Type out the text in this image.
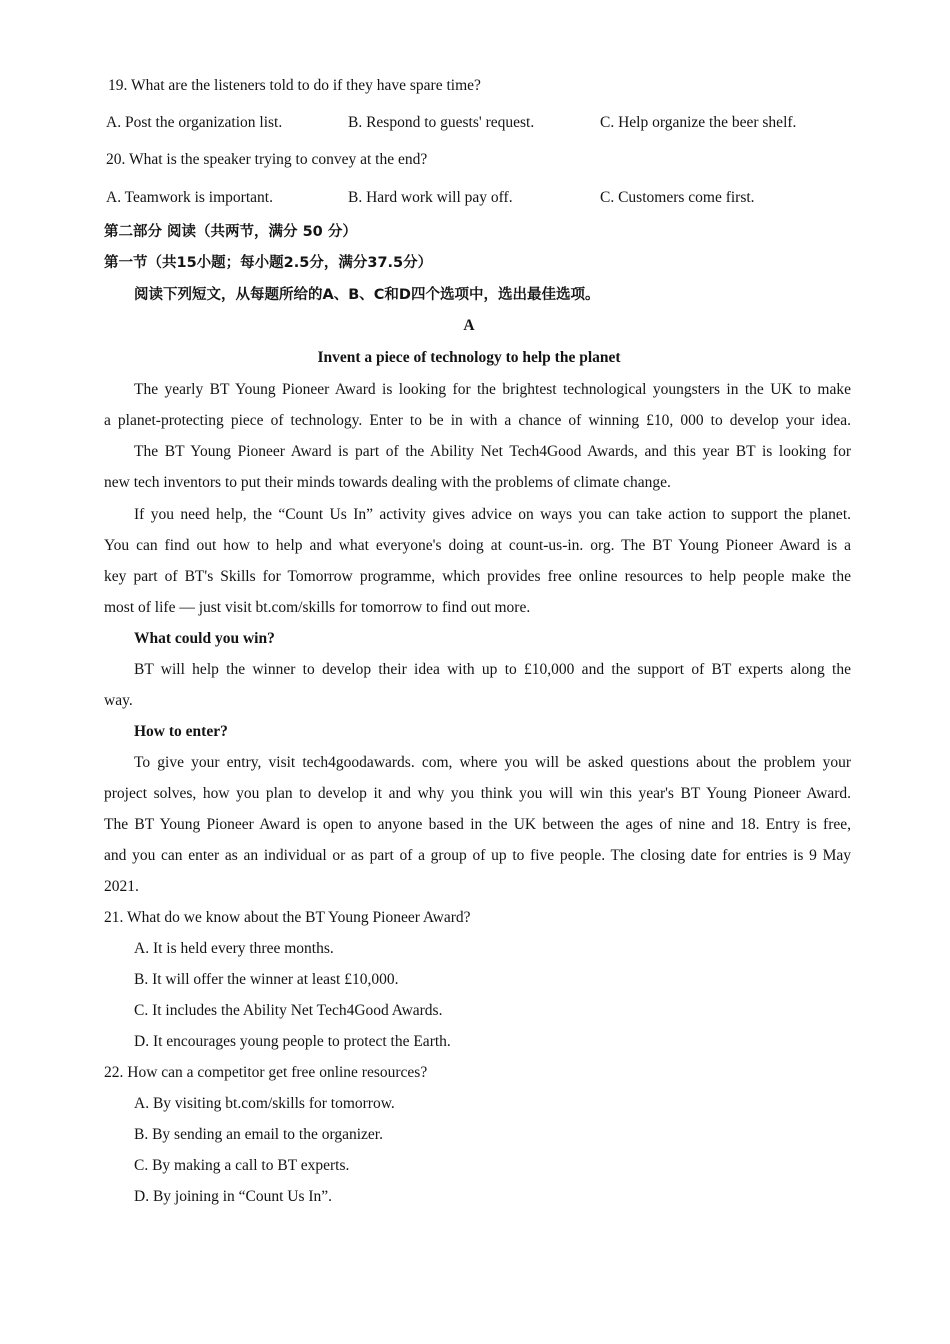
19. What are the listeners told to do if they have spare time?
A. Post the organization list.	B. Respond to guests' request.	C. Help organize the beer shelf.
20. What is the speaker trying to convey at the end?
A. Teamwork is important.	B. Hard work will pay off.	C. Customers come first.
第二部分 阅读（共两节，满分 50 分）
第一节（共15小题；每小题2.5分，满分37.5分）
阅读下列短文，从每题所给的A、B、C和D四个选项中，选出最佳选项。
A
Invent a piece of technology to help the planet
The yearly BT Young Pioneer Award is looking for the brightest technological youngsters in the UK to make
a planet-protecting piece of technology. Enter to be in with a chance of winning £10, 000 to develop your idea.
The BT Young Pioneer Award is part of the Ability Net Tech4Good Awards, and this year BT is looking for
new tech inventors to put their minds towards dealing with the problems of climate change.
If you need help, the “Count Us In” activity gives advice on ways you can take action to support the planet.
You can find out how to help and what everyone's doing at count-us-in. org. The BT Young Pioneer Award is a
key part of BT's Skills for Tomorrow programme, which provides free online resources to help people make the
most of life — just visit bt.com/skills for tomorrow to find out more.
What could you win?
BT will help the winner to develop their idea with up to £10,000 and the support of BT experts along the
way.
How to enter?
To give your entry, visit tech4goodawards. com, where you will be asked questions about the problem your
project solves, how you plan to develop it and why you think you will win this year's BT Young Pioneer Award.
The BT Young Pioneer Award is open to anyone based in the UK between the ages of nine and 18. Entry is free,
and you can enter as an individual or as part of a group of up to five people. The closing date for entries is 9 May
2021.
21. What do we know about the BT Young Pioneer Award?
A. It is held every three months.
B. It will offer the winner at least £10,000.
C. It includes the Ability Net Tech4Good Awards.
D. It encourages young people to protect the Earth.
22. How can a competitor get free online resources?
A. By visiting bt.com/skills for tomorrow.
B. By sending an email to the organizer.
C. By making a call to BT experts.
D. By joining in “Count Us In”.
